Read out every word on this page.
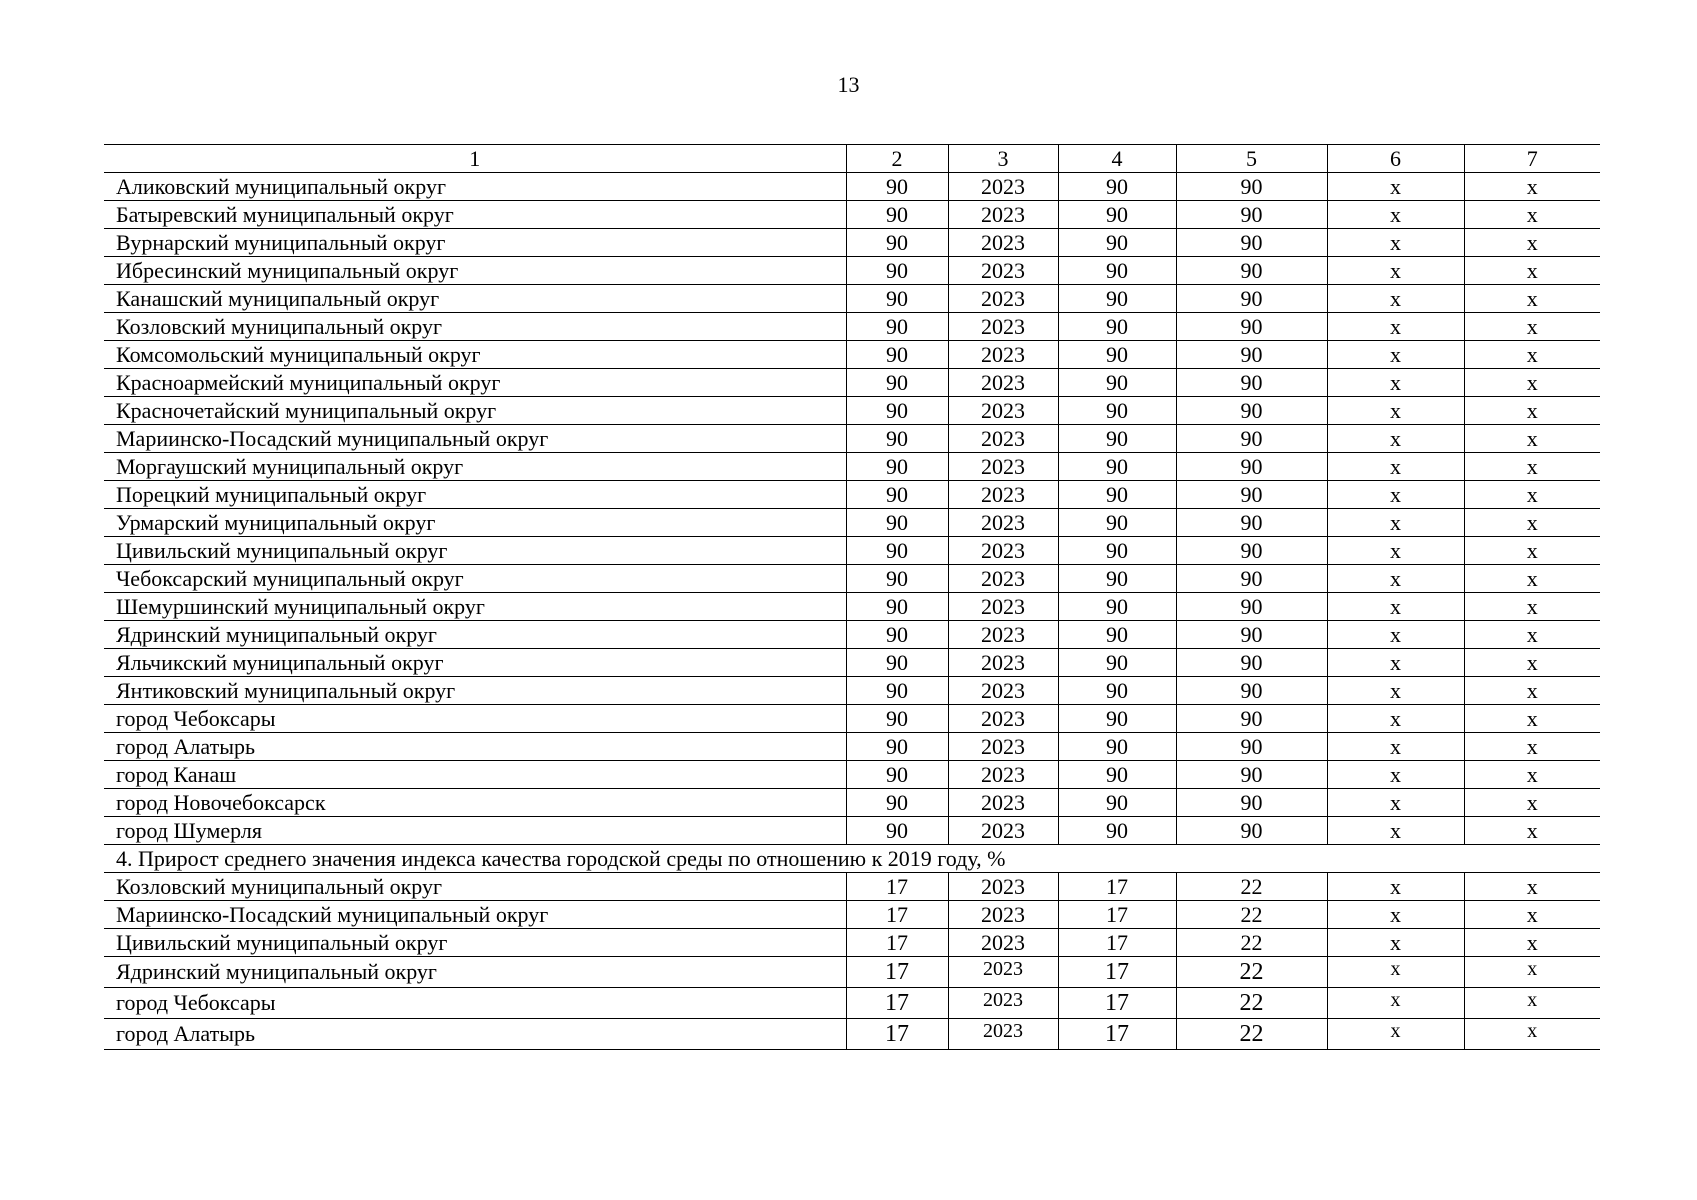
13
1	2	3	4	5	6	7
Аликовский муниципальный округ	90	2023	90	90	х	х
Батыревский муниципальный округ	90	2023	90	90	х	х
Вурнарский муниципальный округ	90	2023	90	90	х	х
Ибресинский муниципальный округ	90	2023	90	90	х	х
Канашский муниципальный округ	90	2023	90	90	х	х
Козловский муниципальный округ	90	2023	90	90	х	х
Комсомольский муниципальный округ	90	2023	90	90	х	х
Красноармейский муниципальный округ	90	2023	90	90	х	х
Красночетайский муниципальный округ	90	2023	90	90	х	х
Мариинско-Посадский муниципальный округ	90	2023	90	90	х	х
Моргаушский муниципальный округ	90	2023	90	90	х	х
Порецкий муниципальный округ	90	2023	90	90	х	х
Урмарский муниципальный округ	90	2023	90	90	х	х
Цивильский муниципальный округ	90	2023	90	90	х	х
Чебоксарский муниципальный округ	90	2023	90	90	х	х
Шемуршинский муниципальный округ	90	2023	90	90	х	х
Ядринский муниципальный округ	90	2023	90	90	х	х
Яльчикский муниципальный округ	90	2023	90	90	х	х
Янтиковский муниципальный округ	90	2023	90	90	х	х
город Чебоксары	90	2023	90	90	х	х
город Алатырь	90	2023	90	90	х	х
город Канаш	90	2023	90	90	х	х
город Новочебоксарск	90	2023	90	90	х	х
город Шумерля	90	2023	90	90	х	х
4. Прирост среднего значения индекса качества городской среды по отношению к 2019 году, %						
Козловский муниципальный округ	17	2023	17	22	х	х
Мариинско-Посадский муниципальный округ	17	2023	17	22	х	х
Цивильский муниципальный округ	17	2023	17	22	х	х
Ядринский муниципальный округ	17	2023	17	22	х	х
город Чебоксары	17	2023	17	22	х	х
город Алатырь	17	2023	17	22	х	х
